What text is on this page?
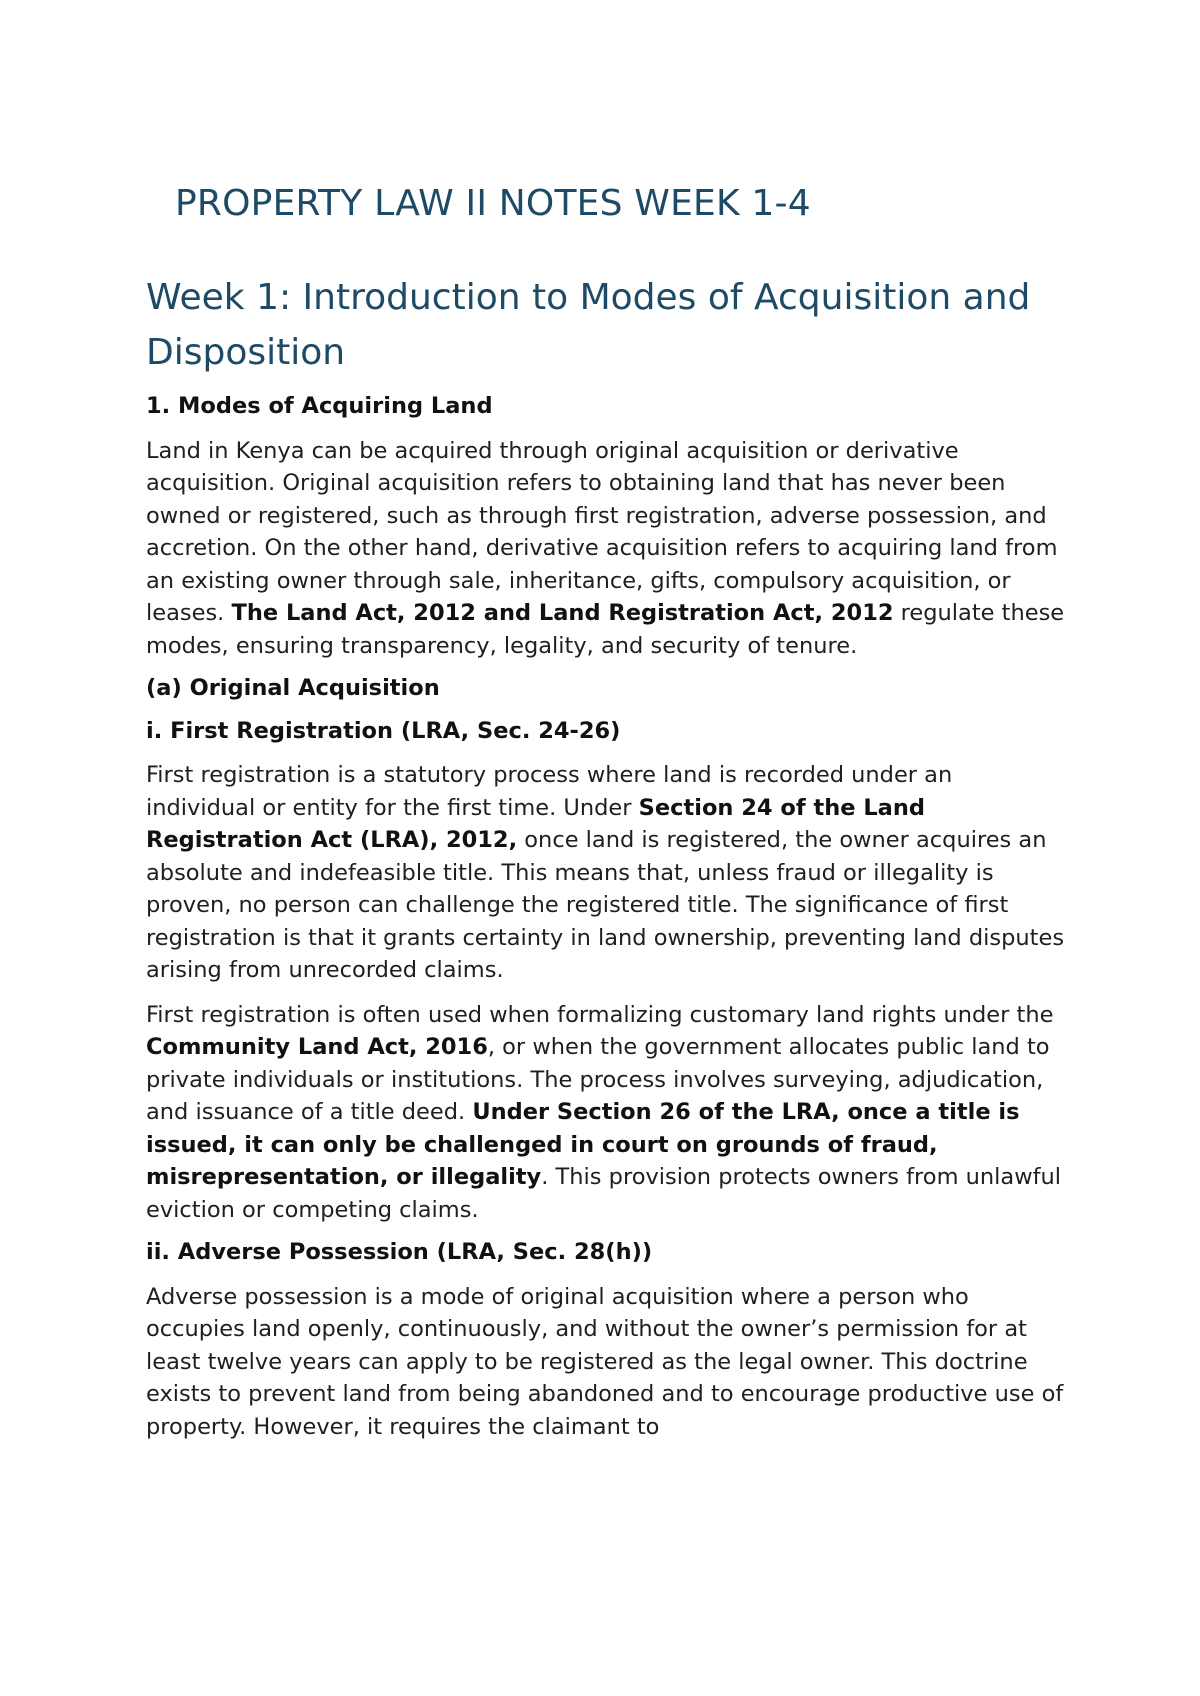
PROPERTY LAW II NOTES WEEK 1-4
Week 1: Introduction to Modes of Acquisition and Disposition
1. Modes of Acquiring Land

Land in Kenya can be acquired through original acquisition or derivative acquisition. Original acquisition refers to obtaining land that has never been owned or registered, such as through first registration, adverse possession, and accretion. On the other hand, derivative acquisition refers to acquiring land from an existing owner through sale, inheritance, gifts, compulsory acquisition, or leases. The Land Act, 2012 and Land Registration Act, 2012 regulate these modes, ensuring transparency, legality, and security of tenure.

(a) Original Acquisition
i. First Registration (LRA, Sec. 24-26)

First registration is a statutory process where land is recorded under an individual or entity for the first time. Under Section 24 of the Land Registration Act (LRA), 2012, once land is registered, the owner acquires an absolute and indefeasible title. This means that, unless fraud or illegality is proven, no person can challenge the registered title. The significance of first registration is that it grants certainty in land ownership, preventing land disputes arising from unrecorded claims.

First registration is often used when formalizing customary land rights under the Community Land Act, 2016, or when the government allocates public land to private individuals or institutions. The process involves surveying, adjudication, and issuance of a title deed. Under Section 26 of the LRA, once a title is issued, it can only be challenged in court on grounds of fraud, misrepresentation, or illegality. This provision protects owners from unlawful eviction or competing claims.

ii. Adverse Possession (LRA, Sec. 28(h))

Adverse possession is a mode of original acquisition where a person who occupies land openly, continuously, and without the owner’s permission for at least twelve years can apply to be registered as the legal owner. This doctrine exists to prevent land from being abandoned and to encourage productive use of property. However, it requires the claimant to
